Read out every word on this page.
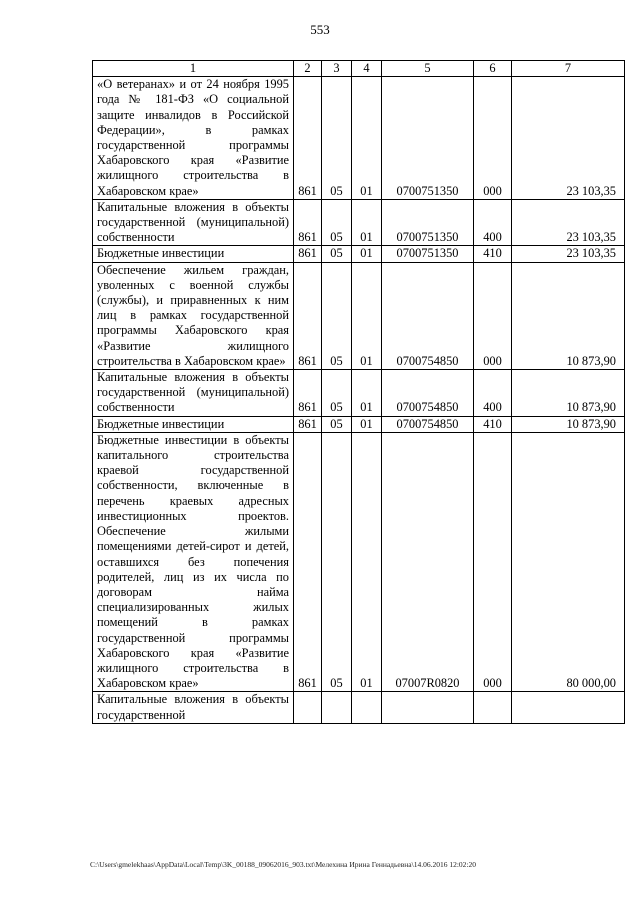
553
1	2	3	4	5	6	7
«О ветеранах» и от 24 ноября 1995 года № 181-ФЗ «О социальной защите инвалидов в Российской Федерации», в рамках государственной программы Хабаровского края «Развитие жилищного строительства в Хабаровском крае»	861	05	01	0700751350	000	23 103,35
Капитальные вложения в объекты государственной (муниципальной) собственности	861	05	01	0700751350	400	23 103,35
Бюджетные инвестиции	861	05	01	0700751350	410	23 103,35
Обеспечение жильем граждан, уволенных с военной службы (службы), и приравненных к ним лиц в рамках государственной программы Хабаровского края «Развитие жилищного строительства в Хабаровском крае»	861	05	01	0700754850	000	10 873,90
Капитальные вложения в объекты государственной (муниципальной) собственности	861	05	01	0700754850	400	10 873,90
Бюджетные инвестиции	861	05	01	0700754850	410	10 873,90
Бюджетные инвестиции в объекты капитального строительства краевой государственной собственности, включенные в перечень краевых адресных инвестиционных проектов. Обеспечение жилыми помещениями детей-сирот и детей, оставшихся без попечения родителей, лиц из их числа по договорам найма специализированных жилых помещений в рамках государственной программы Хабаровского края «Развитие жилищного строительства в Хабаровском крае»	861	05	01	07007R0820	000	80 000,00
Капитальные вложения в объекты государственной						
C:\Users\gmelekhaas\AppData\Local\Temp\3K_00188_09062016_903.txt\Мелехина Ирина Геннадьевна\14.06.2016 12:02:20
